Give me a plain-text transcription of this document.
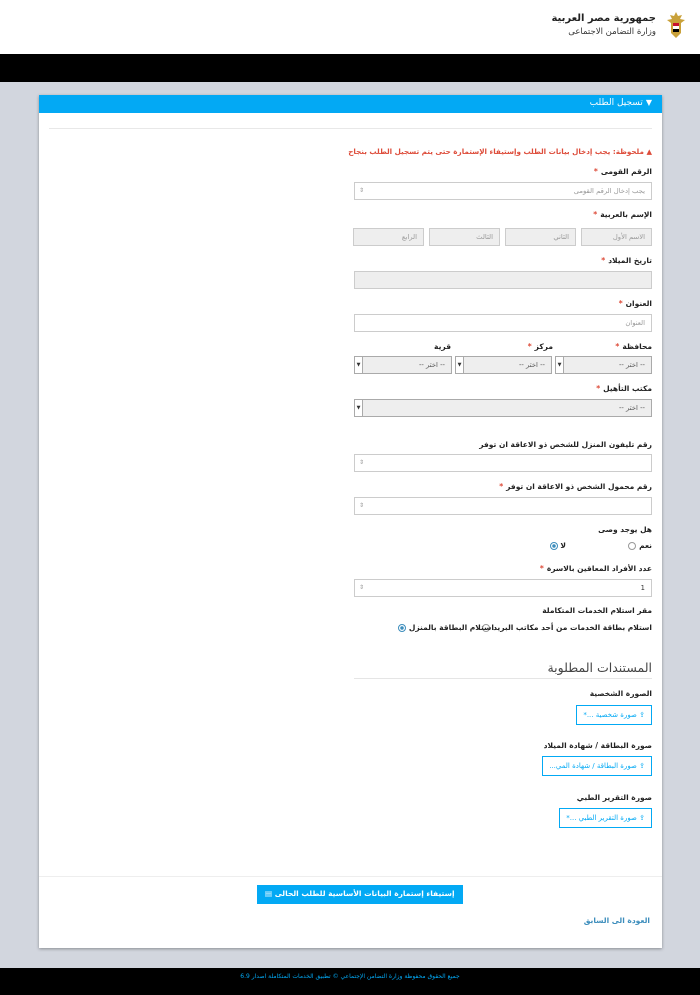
جمهورية مصر العربية
وزارة التضامن الاجتماعى
▼تسجيل الطلب
▲ ملحوظة: يجب إدخال بيانات الطلب وإستيفاء الإستمارة حتى يتم تسجيل الطلب بنجاح
الرقم القومى*
يجب إدخال الرقم القومى
⇕
الإسم بالعربية*
الاسم الأول
الثاني
الثالث
الرابع
تاريخ الميلاد*
العنوان*
العنوان
محافظة*
مركز*
قرية
-- اختر --
▼
-- اختر --
▼
-- اختر --
▼
مكتب التأهيل*
-- اختر --
▼
رقم تليفون المنزل للشخص ذو الاعاقة ان توفر
⇕
رقم محمول الشخص ذو الاعاقة ان توفر*
⇕
هل يوجد وصى
نعم
لا
عدد الأفراد المعاقين بالاسرة*
1
⇕
مقر استلام الخدمات المتكاملة
استلام بطاقة الخدمات من أحد مكاتب البريد
استلام البطاقة بالمنزل
المستندات المطلوبة
الصورة الشخصية
⇪ صورة شخصية ...*
صورة البطاقة / شهادة الميلاد
⇪ صورة البطاقة / شهادة المي...
صورة التقرير الطبي
⇪ صورة التقرير الطبي ...*
إستيفاء إستمارة البيانات الأساسية للطلب الحالى ▤
العودة الى السابق
جميع الحقوق محفوظة وزارة التضامن الإجتماعي © تطبيق الخدمات المتكاملة اصدار 6.9
